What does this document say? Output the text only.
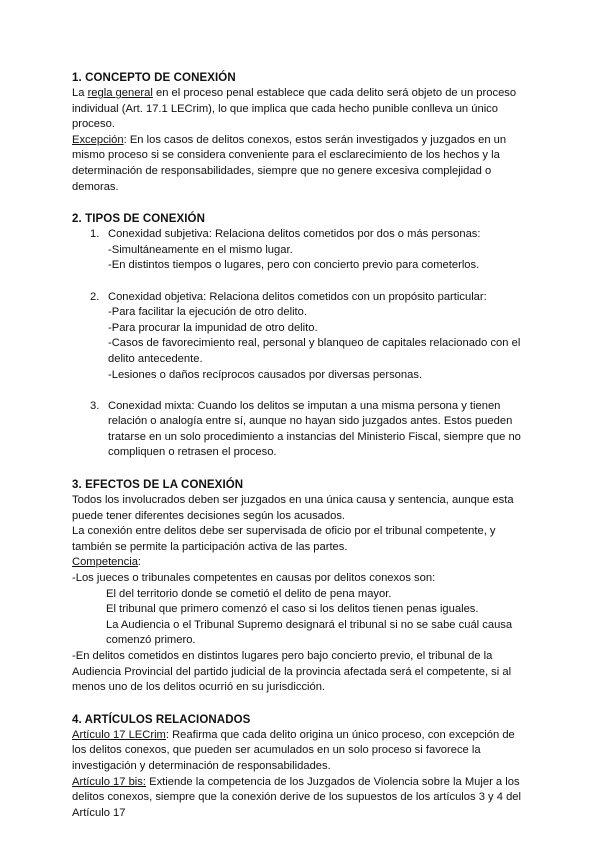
1. CONCEPTO DE CONEXIÓN

La regla general en el proceso penal establece que cada delito será objeto de un proceso individual (Art. 17.1 LECrim), lo que implica que cada hecho punible conlleva un único proceso.

Excepción: En los casos de delitos conexos, estos serán investigados y juzgados en un mismo proceso si se considera conveniente para el esclarecimiento de los hechos y la determinación de responsabilidades, siempre que no genere excesiva complejidad o demoras.

2. TIPOS DE CONEXIÓN
1. Conexidad subjetiva: Relaciona delitos cometidos por dos o más personas:

-Simultáneamente en el mismo lugar.

-En distintos tiempos o lugares, pero con concierto previo para cometerlos.

2. Conexidad objetiva: Relaciona delitos cometidos con un propósito particular:

-Para facilitar la ejecución de otro delito.

-Para procurar la impunidad de otro delito.

-Casos de favorecimiento real, personal y blanqueo de capitales relacionado con el delito antecedente.

-Lesiones o daños recíprocos causados por diversas personas.

3. Conexidad mixta: Cuando los delitos se imputan a una misma persona y tienen relación o analogía entre sí, aunque no hayan sido juzgados antes. Estos pueden tratarse en un solo procedimiento a instancias del Ministerio Fiscal, siempre que no compliquen o retrasen el proceso.

3. EFECTOS DE LA CONEXIÓN

Todos los involucrados deben ser juzgados en una única causa y sentencia, aunque esta puede tener diferentes decisiones según los acusados.

La conexión entre delitos debe ser supervisada de oficio por el tribunal competente, y también se permite la participación activa de las partes.

Competencia:

-Los jueces o tribunales competentes en causas por delitos conexos son:

El del territorio donde se cometió el delito de pena mayor.

El tribunal que primero comenzó el caso si los delitos tienen penas iguales.

La Audiencia o el Tribunal Supremo designará el tribunal si no se sabe cuál causa comenzó primero.

-En delitos cometidos en distintos lugares pero bajo concierto previo, el tribunal de la Audiencia Provincial del partido judicial de la provincia afectada será el competente, si al menos uno de los delitos ocurrió en su jurisdicción.

4. ARTÍCULOS RELACIONADOS

Artículo 17 LECrim: Reafirma que cada delito origina un único proceso, con excepción de los delitos conexos, que pueden ser acumulados en un solo proceso si favorece la investigación y determinación de responsabilidades.

Artículo 17 bis: Extiende la competencia de los Juzgados de Violencia sobre la Mujer a los delitos conexos, siempre que la conexión derive de los supuestos de los artículos 3 y 4 del Artículo 17
